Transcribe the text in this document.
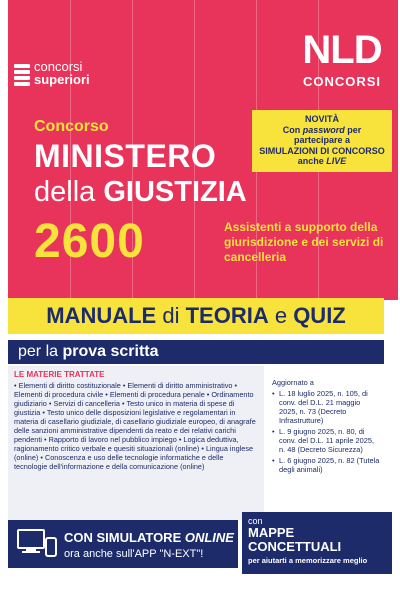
concorsi
superiori
NLD
CONCORSI
NOVITÀ
Con password per
partecipare a
SIMULAZIONI DI CONCORSO
anche LIVE
Concorso
MINISTERO
della GIUSTIZIA
2600	Assistenti a supporto della giurisdizione e dei servizi di cancelleria
MANUALE di TEORIA e QUIZ
per la prova scritta
LE MATERIE TRATTATE
• Elementi di diritto costituzionale • Elementi di diritto amministrativo • Elementi di procedura civile • Elementi di procedura penale • Ordinamento giudiziario • Servizi di cancelleria • Testo unico in materia di spese di giustizia • Testo unico delle disposizioni legislative e regolamentari in materia di casellario giudiziale, di casellario giudiziale europeo, di anagrafe delle sanzioni amministrative dipendenti da reato e dei relativi carichi pendenti • Rapporto di lavoro nel pubblico impiego • Logica deduttiva, ragionamento critico verbale e quesiti situazionali (online) • Lingua inglese (online) • Conoscenza e uso delle tecnologie informatiche e delle tecnologie dell'informazione e della comunicazione (online)
Aggiornato a
• L. 18 luglio 2025, n. 105, di conv. del D.L. 21 maggio 2025, n. 73 (Decreto Infrastrutture)
• L. 9 giugno 2025, n. 80, di conv. del D.L. 11 aprile 2025, n. 48 (Decreto Sicurezza)
• L. 6 giugno 2025, n. 82 (Tutela degli animali)
CON SIMULATORE ONLINE
ora anche sull'APP "N-EXT"!
con
MAPPE
CONCETTUALI
per aiutarti a memorizzare meglio
